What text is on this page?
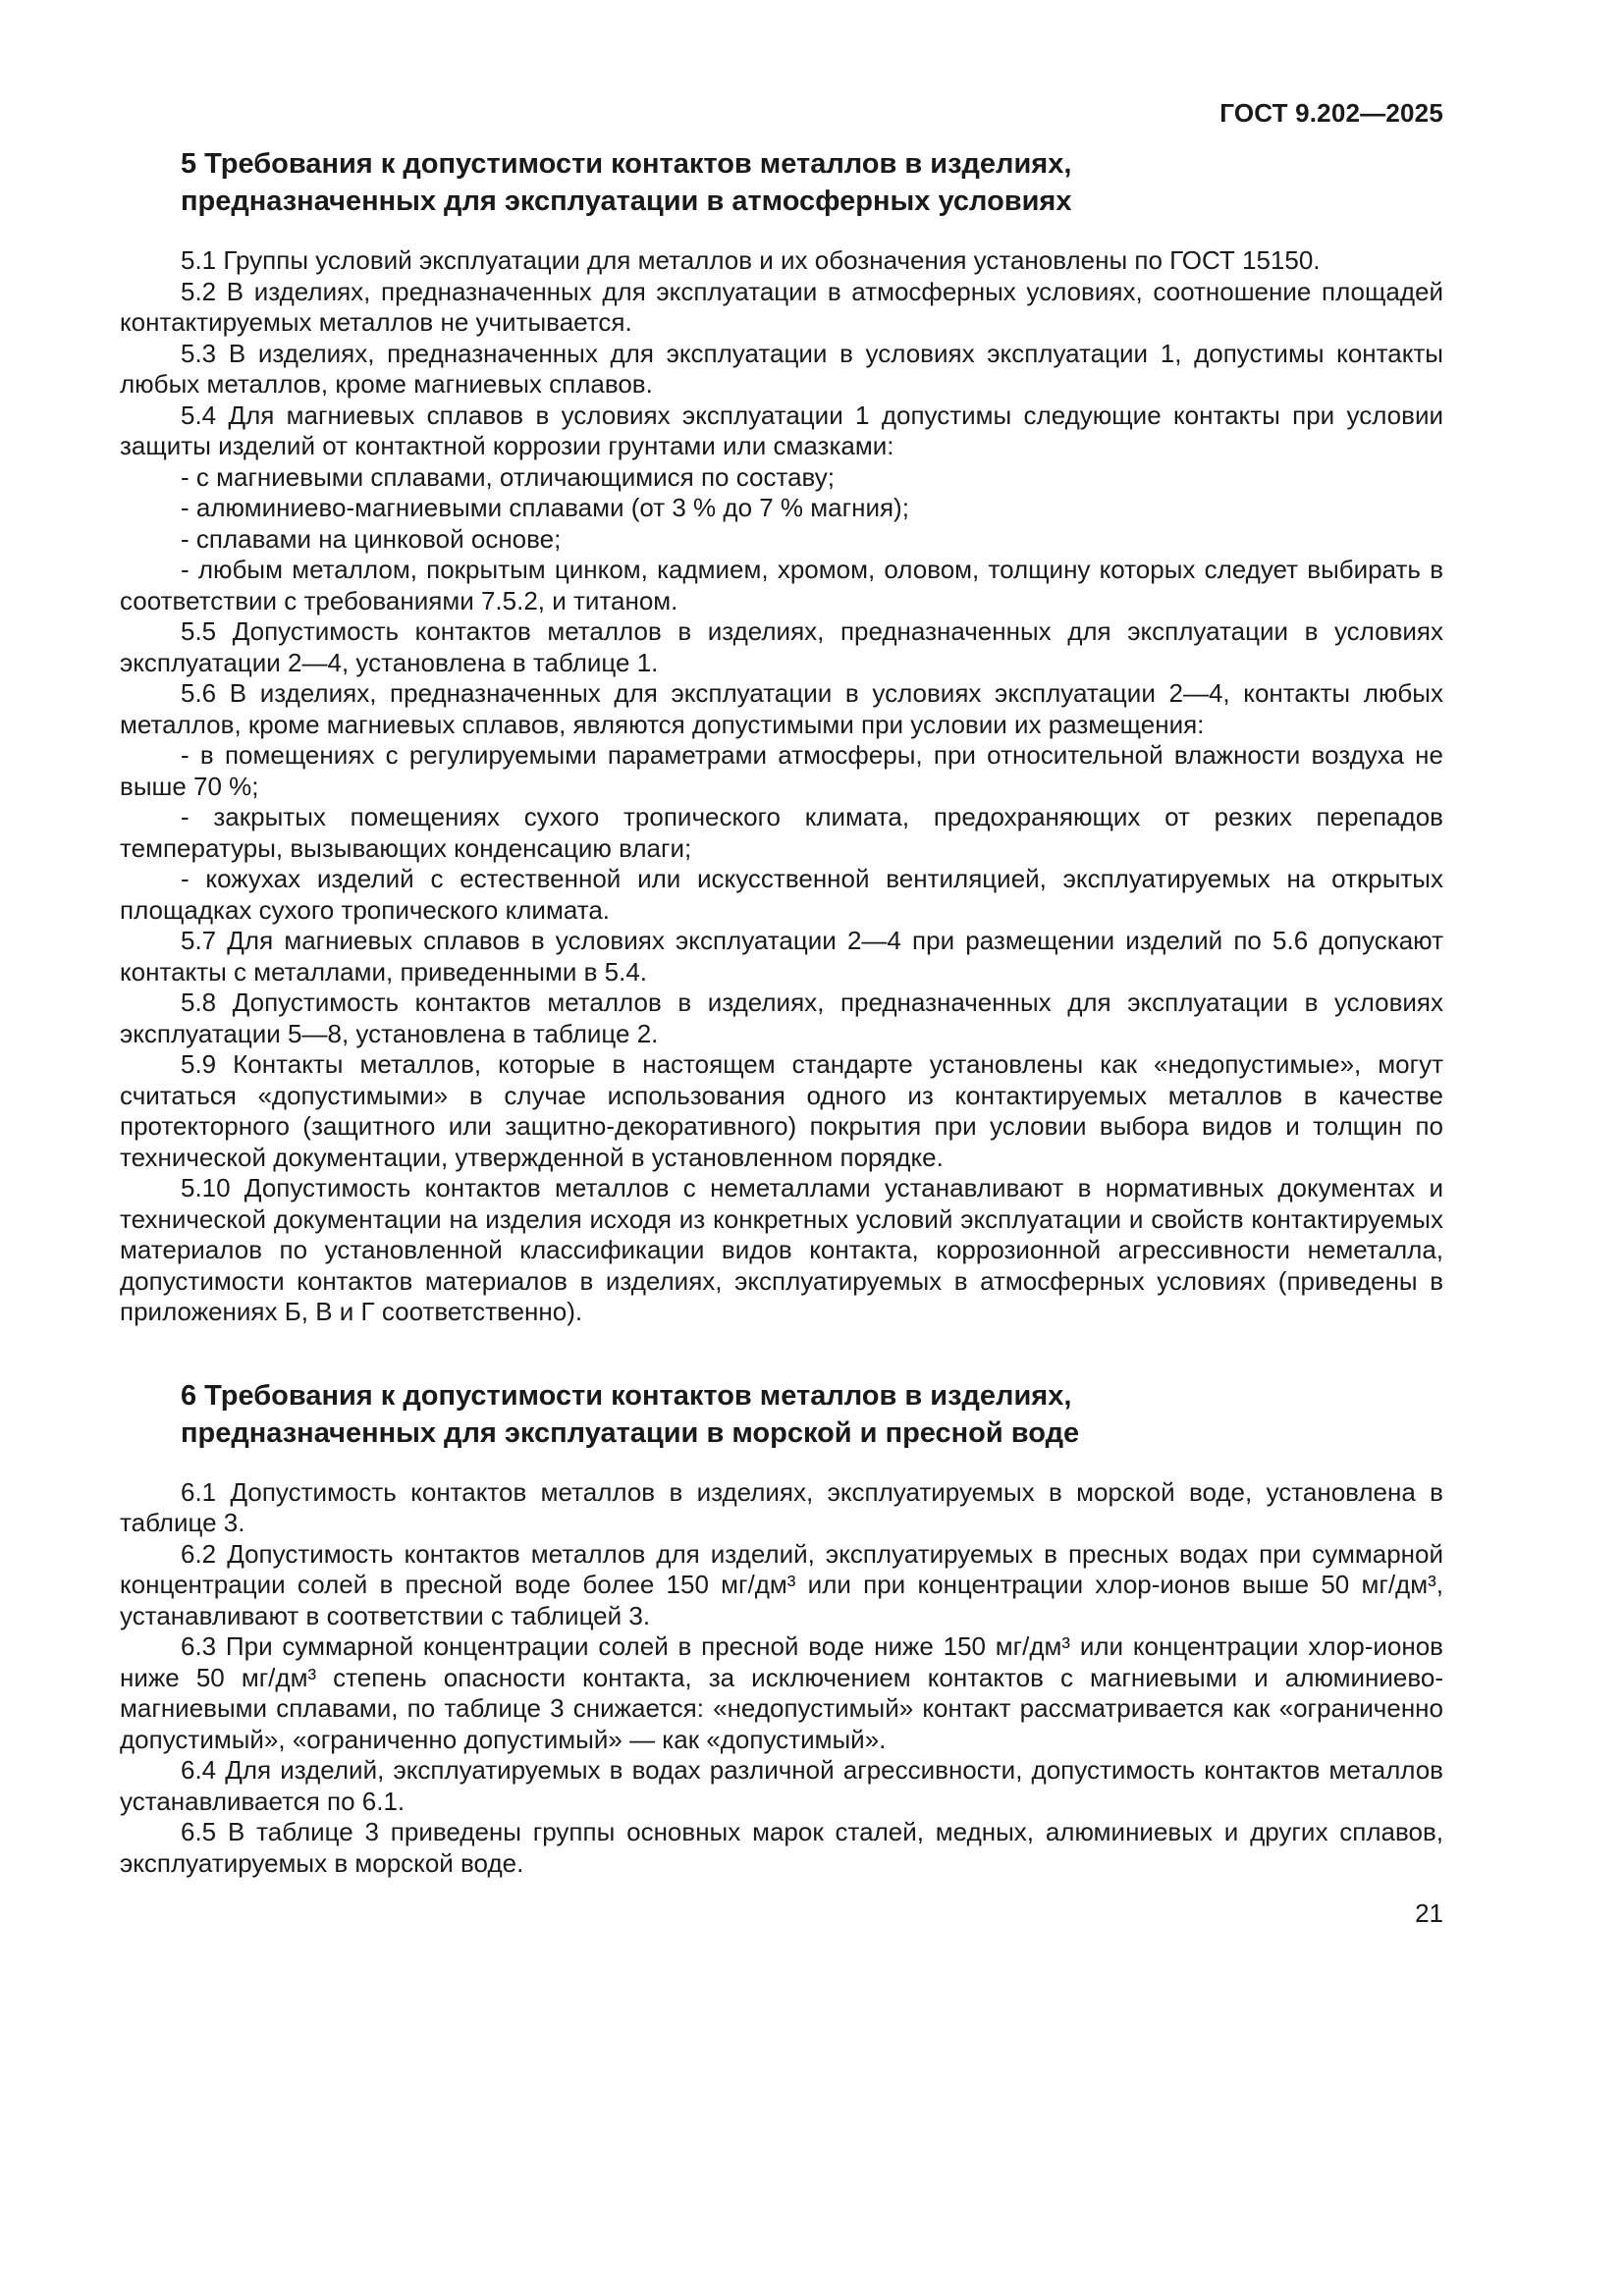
ГОСТ 9.202—2025
5 Требования к допустимости контактов металлов в изделиях,
предназначенных для эксплуатации в атмосферных условиях

5.1 Группы условий эксплуатации для металлов и их обозначения установлены по ГОСТ 15150.

5.2 В изделиях, предназначенных для эксплуатации в атмосферных условиях, соотношение площадей контактируемых металлов не учитывается.

5.3 В изделиях, предназначенных для эксплуатации в условиях эксплуатации 1, допустимы контакты любых металлов, кроме магниевых сплавов.

5.4 Для магниевых сплавов в условиях эксплуатации 1 допустимы следующие контакты при условии защиты изделий от контактной коррозии грунтами или смазками:

- с магниевыми сплавами, отличающимися по составу;

- алюминиево-магниевыми сплавами (от 3 % до 7 % магния);

- сплавами на цинковой основе;

- любым металлом, покрытым цинком, кадмием, хромом, оловом, толщину которых следует выбирать в соответствии с требованиями 7.5.2, и титаном.

5.5 Допустимость контактов металлов в изделиях, предназначенных для эксплуатации в условиях эксплуатации 2—4, установлена в таблице 1.

5.6 В изделиях, предназначенных для эксплуатации в условиях эксплуатации 2—4, контакты любых металлов, кроме магниевых сплавов, являются допустимыми при условии их размещения:

- в помещениях с регулируемыми параметрами атмосферы, при относительной влажности воздуха не выше 70 %;

- закрытых помещениях сухого тропического климата, предохраняющих от резких перепадов температуры, вызывающих конденсацию влаги;

- кожухах изделий с естественной или искусственной вентиляцией, эксплуатируемых на открытых площадках сухого тропического климата.

5.7 Для магниевых сплавов в условиях эксплуатации 2—4 при размещении изделий по 5.6 допускают контакты с металлами, приведенными в 5.4.

5.8 Допустимость контактов металлов в изделиях, предназначенных для эксплуатации в условиях эксплуатации 5—8, установлена в таблице 2.

5.9 Контакты металлов, которые в настоящем стандарте установлены как «недопустимые», могут считаться «допустимыми» в случае использования одного из контактируемых металлов в качестве протекторного (защитного или защитно-декоративного) покрытия при условии выбора видов и толщин по технической документации, утвержденной в установленном порядке.

5.10 Допустимость контактов металлов с неметаллами устанавливают в нормативных документах и технической документации на изделия исходя из конкретных условий эксплуатации и свойств контактируемых материалов по установленной классификации видов контакта, коррозионной агрессивности неметалла, допустимости контактов материалов в изделиях, эксплуатируемых в атмосферных условиях (приведены в приложениях Б, В и Г соответственно).

6 Требования к допустимости контактов металлов в изделиях,
предназначенных для эксплуатации в морской и пресной воде

6.1 Допустимость контактов металлов в изделиях, эксплуатируемых в морской воде, установлена в таблице 3.

6.2 Допустимость контактов металлов для изделий, эксплуатируемых в пресных водах при суммарной концентрации солей в пресной воде более 150 мг/дм³ или при концентрации хлор-ионов выше 50 мг/дм³, устанавливают в соответствии с таблицей 3.

6.3 При суммарной концентрации солей в пресной воде ниже 150 мг/дм³ или концентрации хлор-ионов ниже 50 мг/дм³ степень опасности контакта, за исключением контактов с магниевыми и алюминиево-магниевыми сплавами, по таблице 3 снижается: «недопустимый» контакт рассматривается как «ограниченно допустимый», «ограниченно допустимый» — как «допустимый».

6.4 Для изделий, эксплуатируемых в водах различной агрессивности, допустимость контактов металлов устанавливается по 6.1.

6.5 В таблице 3 приведены группы основных марок сталей, медных, алюминиевых и других сплавов, эксплуатируемых в морской воде.

21
